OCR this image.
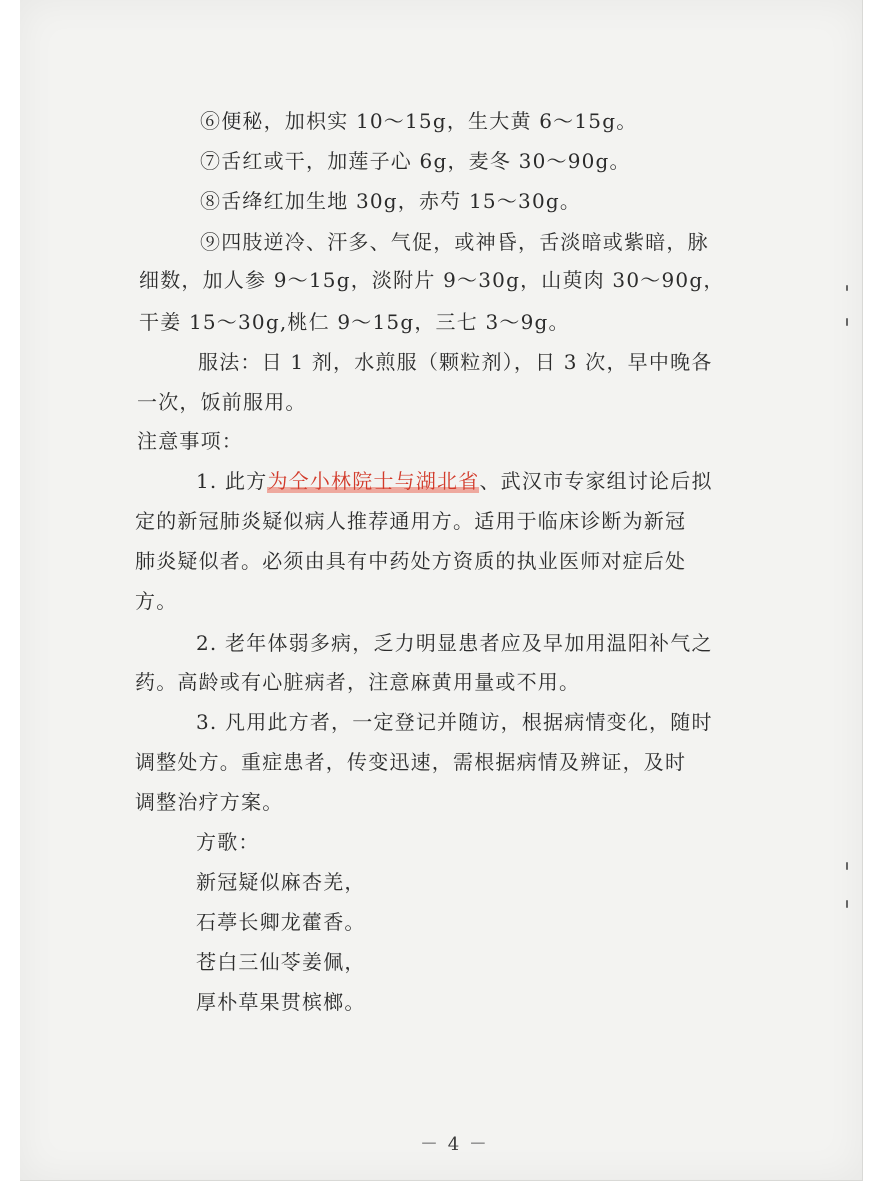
⑥便秘，加枳实 10～15g，生大黄 6～15g。

⑦舌红或干，加莲子心 6g，麦冬 30～90g。

⑧舌绛红加生地 30g，赤芍 15～30g。

⑨四肢逆冷、汗多、气促，或神昏，舌淡暗或紫暗，脉

细数，加人参 9～15g，淡附片 9～30g，山萸肉 30～90g，

干姜 15～30g,桃仁 9～15g，三七 3～9g。

服法：日 1 剂，水煎服（颗粒剂），日 3 次，早中晚各

一次，饭前服用。

注意事项：

1. 此方为仝小林院士与湖北省、武汉市专家组讨论后拟

定的新冠肺炎疑似病人推荐通用方。适用于临床诊断为新冠

肺炎疑似者。必须由具有中药处方资质的执业医师对症后处

方。

2. 老年体弱多病，乏力明显患者应及早加用温阳补气之

药。高龄或有心脏病者，注意麻黄用量或不用。

3. 凡用此方者，一定登记并随访，根据病情变化，随时

调整处方。重症患者，传变迅速，需根据病情及辨证，及时

调整治疗方案。

方歌：

新冠疑似麻杏羌，

石葶长卿龙藿香。

苍白三仙苓姜佩，

厚朴草果贯槟榔。

－ 4 －
